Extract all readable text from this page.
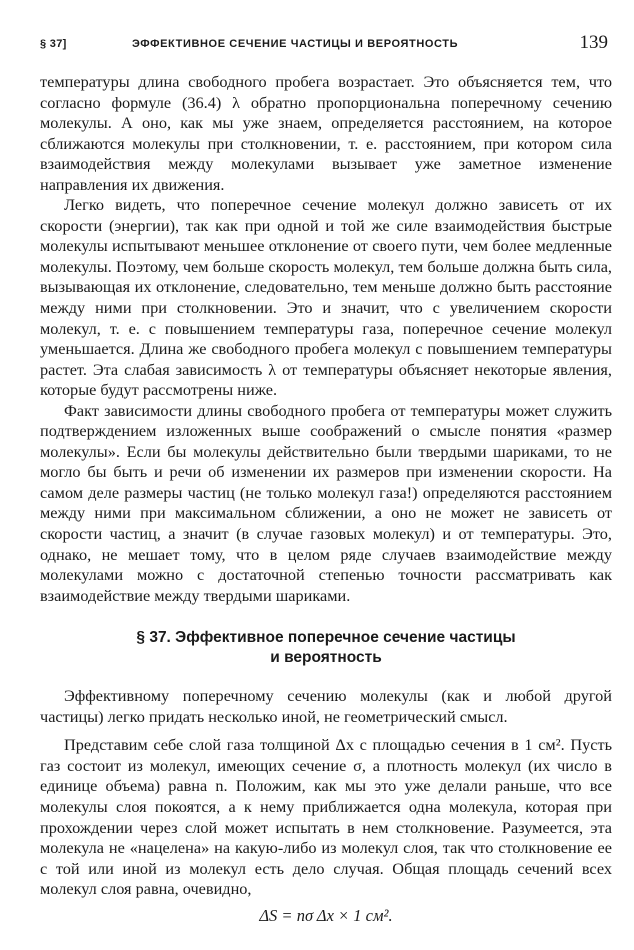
§ 37]	ЭФФЕКТИВНОЕ СЕЧЕНИЕ ЧАСТИЦЫ И ВЕРОЯТНОСТЬ	139

температуры длина свободного пробега возрастает. Это объясняется тем, что согласно формуле (36.4) λ обратно пропорциональна поперечному сечению молекулы. А оно, как мы уже знаем, определяется расстоянием, на которое сближаются молекулы при столкновении, т. е. расстоянием, при котором сила взаимодействия между молекулами вызывает уже заметное изменение направления их движения.

Легко видеть, что поперечное сечение молекул должно зависеть от их скорости (энергии), так как при одной и той же силе взаимодействия быстрые молекулы испытывают меньшее отклонение от своего пути, чем более медленные молекулы. Поэтому, чем больше скорость молекул, тем больше должна быть сила, вызывающая их отклонение, следовательно, тем меньше должно быть расстояние между ними при столкновении. Это и значит, что с увеличением скорости молекул, т. е. с повышением температуры газа, поперечное сечение молекул уменьшается. Длина же свободного пробега молекул с повышением температуры растет. Эта слабая зависимость λ от температуры объясняет некоторые явления, которые будут рассмотрены ниже.

Факт зависимости длины свободного пробега от температуры может служить подтверждением изложенных выше соображений о смысле понятия «размер молекулы». Если бы молекулы действительно были твердыми шариками, то не могло бы быть и речи об изменении их размеров при изменении скорости. На самом деле размеры частиц (не только молекул газа!) определяются расстоянием между ними при максимальном сближении, а оно не может не зависеть от скорости частиц, а значит (в случае газовых молекул) и от температуры. Это, однако, не мешает тому, что в целом ряде случаев взаимодействие между молекулами можно с достаточной степенью точности рассматривать как взаимодействие между твердыми шариками.

§ 37. Эффективное поперечное сечение частицы
и вероятность

Эффективному поперечному сечению молекулы (как и любой другой частицы) легко придать несколько иной, не геометрический смысл.

Представим себе слой газа толщиной Δx с площадью сечения в 1 см². Пусть газ состоит из молекул, имеющих сечение σ, а плотность молекул (их число в единице объема) равна n. Положим, как мы это уже делали раньше, что все молекулы слоя покоятся, а к нему приближается одна молекула, которая при прохождении через слой может испытать в нем столкновение. Разумеется, эта молекула не «нацелена» на какую-либо из молекул слоя, так что столкновение ее с той или иной из молекул есть дело случая. Общая площадь сечений всех молекул слоя равна, очевидно,

ΔS = nσ Δx × 1 см².
